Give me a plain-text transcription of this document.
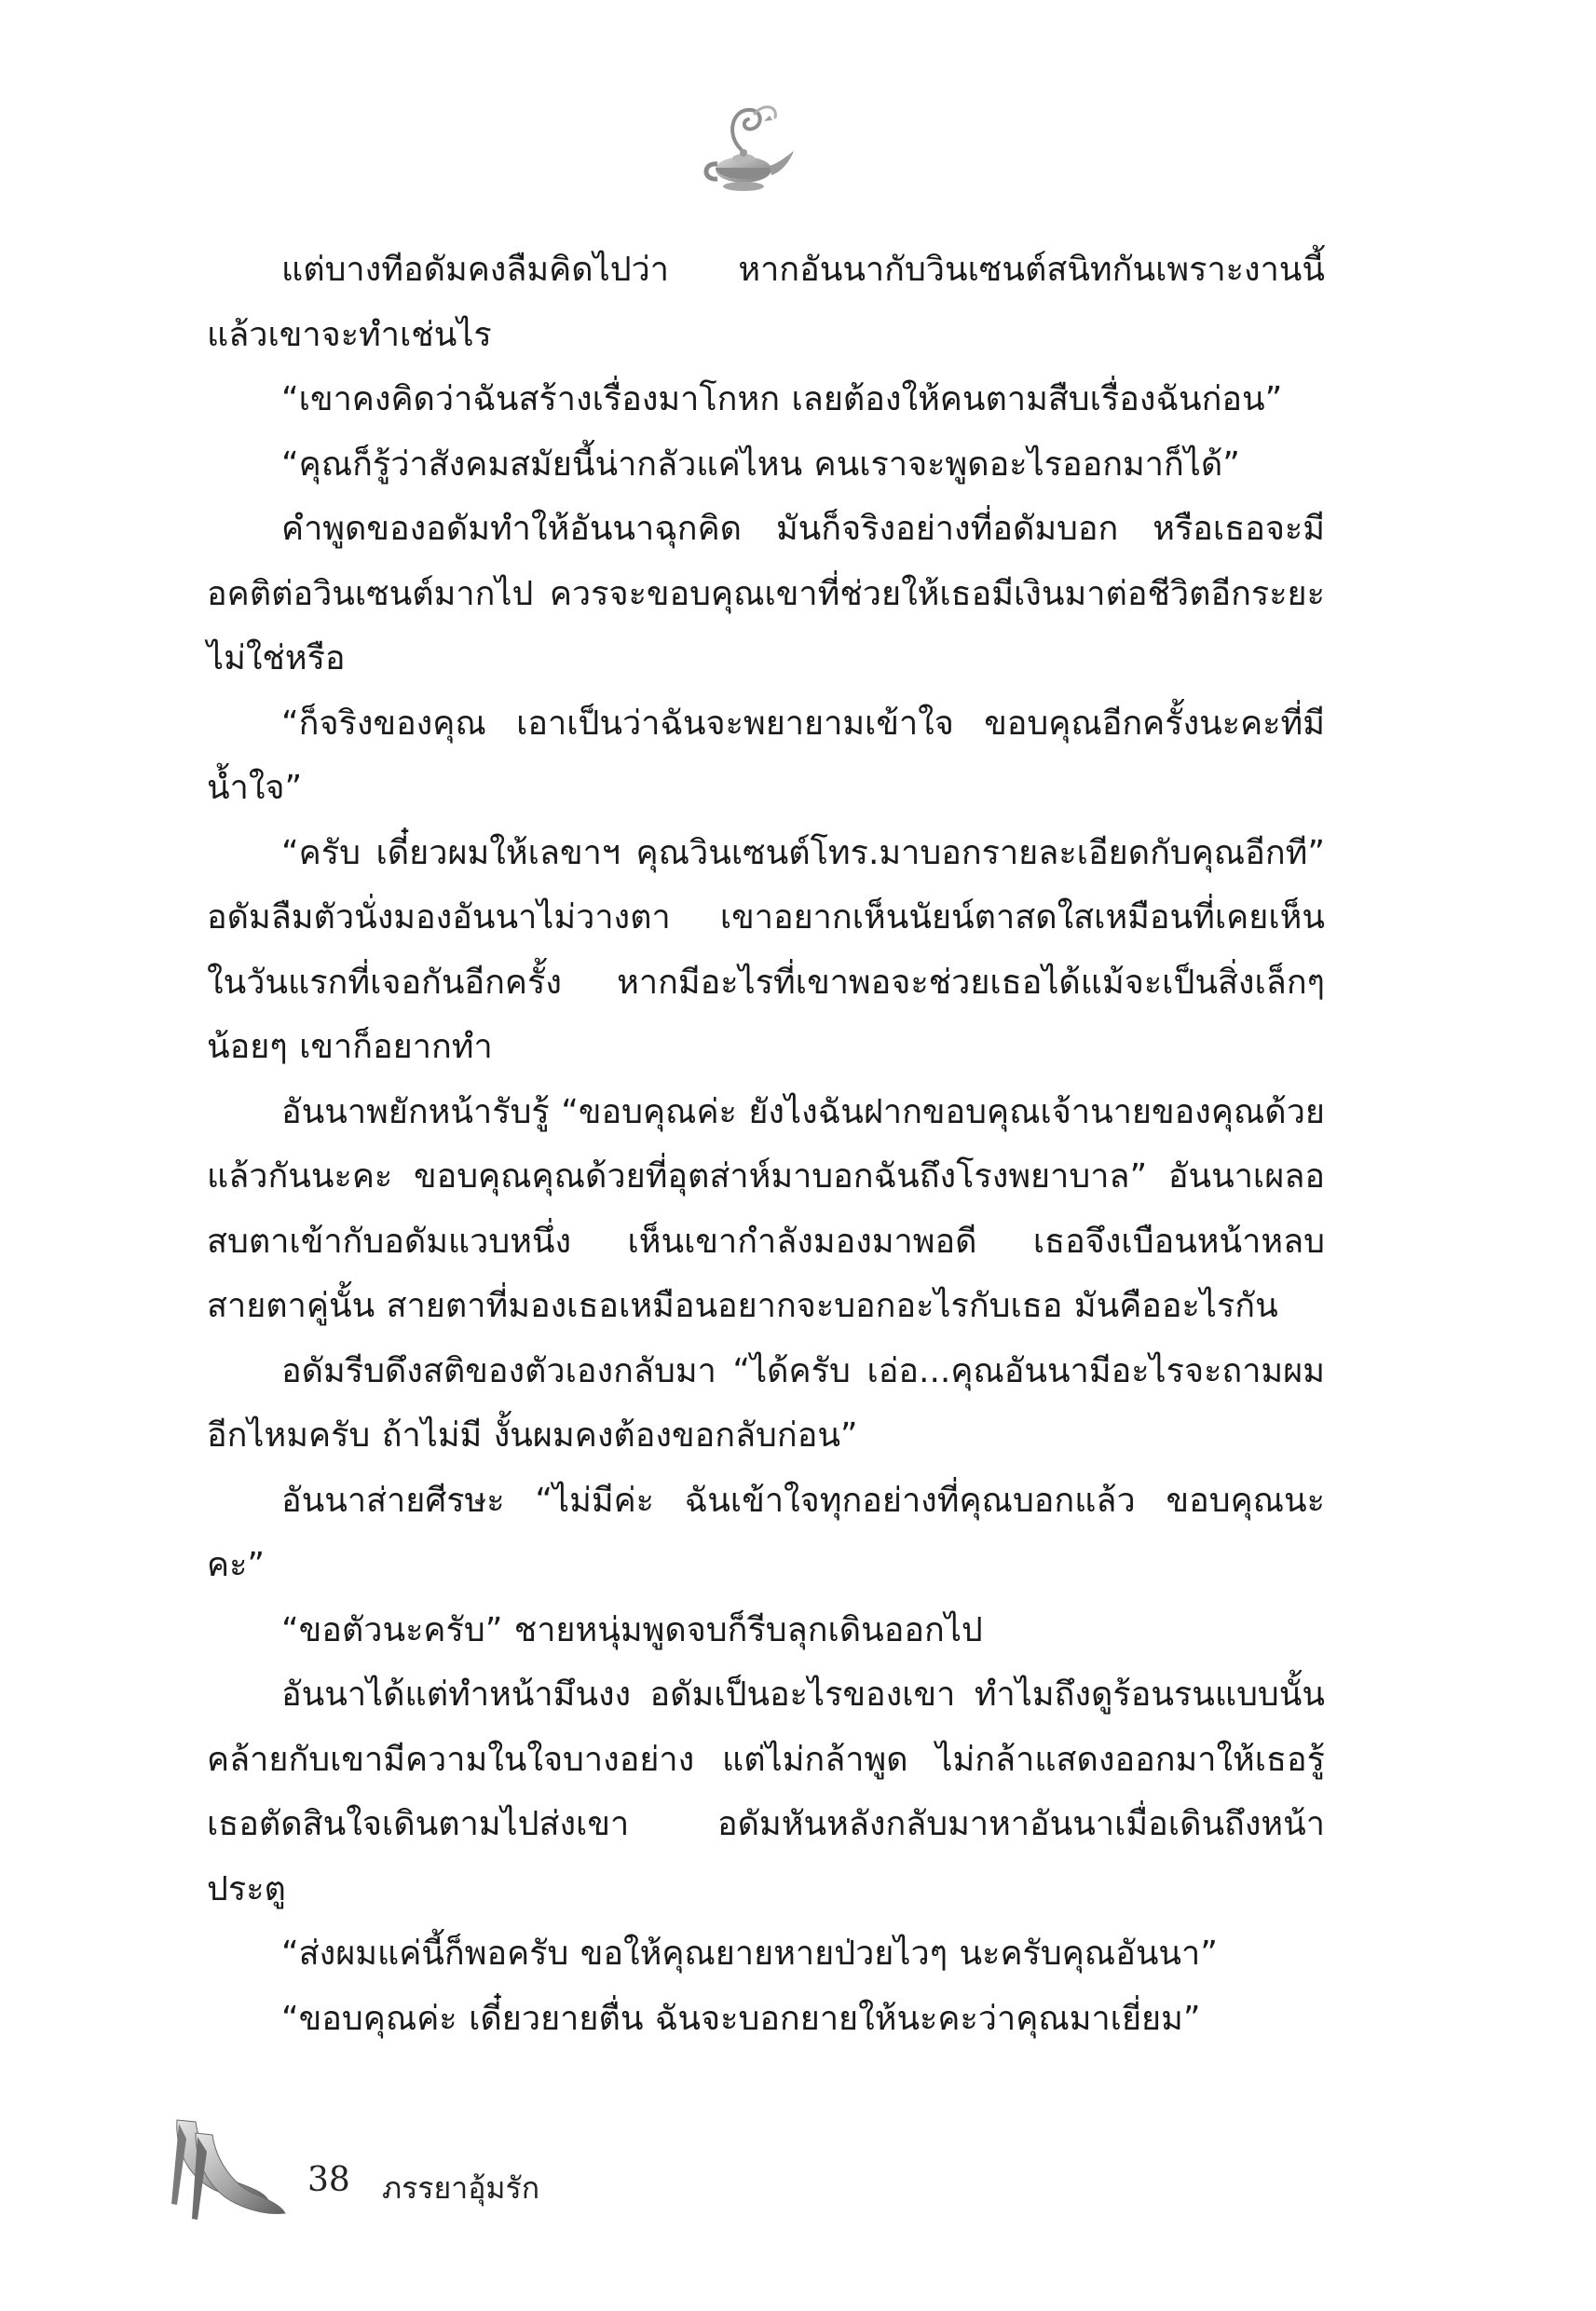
แต่บางทีอดัมคงลืมคิดไปว่า หากอันนากับวินเซนต์สนิทกันเพราะงานนี้ แล้วเขาจะทำเช่นไร

“เขาคงคิดว่าฉันสร้างเรื่องมาโกหก เลยต้องให้คนตามสืบเรื่องฉันก่อน”

“คุณก็รู้ว่าสังคมสมัยนี้น่ากลัวแค่ไหน คนเราจะพูดอะไรออกมาก็ได้”

คำพูดของอดัมทำให้อันนาฉุกคิด มันก็จริงอย่างที่อดัมบอก หรือเธอจะมีอคติต่อวินเซนต์มากไป ควรจะขอบคุณเขาที่ช่วยให้เธอมีเงินมาต่อชีวิตอีกระยะไม่ใช่หรือ

“ก็จริงของคุณ เอาเป็นว่าฉันจะพยายามเข้าใจ ขอบคุณอีกครั้งนะคะที่มีน้ำใจ”

“ครับ เดี๋ยวผมให้เลขาฯ คุณวินเซนต์โทร.มาบอกรายละเอียดกับคุณอีกที” อดัมลืมตัวนั่งมองอันนาไม่วางตา เขาอยากเห็นนัยน์ตาสดใสเหมือนที่เคยเห็นในวันแรกที่เจอกันอีกครั้ง หากมีอะไรที่เขาพอจะช่วยเธอได้แม้จะเป็นสิ่งเล็กๆ น้อยๆ เขาก็อยากทำ

อันนาพยักหน้ารับรู้ “ขอบคุณค่ะ ยังไงฉันฝากขอบคุณเจ้านายของคุณด้วยแล้วกันนะคะ ขอบคุณคุณด้วยที่อุตส่าห์มาบอกฉันถึงโรงพยาบาล” อันนาเผลอสบตาเข้ากับอดัมแวบหนึ่ง เห็นเขากำลังมองมาพอดี เธอจึงเบือนหน้าหลบสายตาคู่นั้น สายตาที่มองเธอเหมือนอยากจะบอกอะไรกับเธอ มันคืออะไรกัน

อดัมรีบดึงสติของตัวเองกลับมา “ได้ครับ เอ่อ...คุณอันนามีอะไรจะถามผมอีกไหมครับ ถ้าไม่มี งั้นผมคงต้องขอกลับก่อน”

อันนาส่ายศีรษะ “ไม่มีค่ะ ฉันเข้าใจทุกอย่างที่คุณบอกแล้ว ขอบคุณนะคะ”

“ขอตัวนะครับ” ชายหนุ่มพูดจบก็รีบลุกเดินออกไป

อันนาได้แต่ทำหน้ามึนงง อดัมเป็นอะไรของเขา ทำไมถึงดูร้อนรนแบบนั้น คล้ายกับเขามีความในใจบางอย่าง แต่ไม่กล้าพูด ไม่กล้าแสดงออกมาให้เธอรู้ เธอตัดสินใจเดินตามไปส่งเขา อดัมหันหลังกลับมาหาอันนาเมื่อเดินถึงหน้าประตู

“ส่งผมแค่นี้ก็พอครับ ขอให้คุณยายหายป่วยไวๆ นะครับคุณอันนา”

“ขอบคุณค่ะ เดี๋ยวยายตื่น ฉันจะบอกยายให้นะคะว่าคุณมาเยี่ยม”

38 ภรรยาอุ้มรัก
